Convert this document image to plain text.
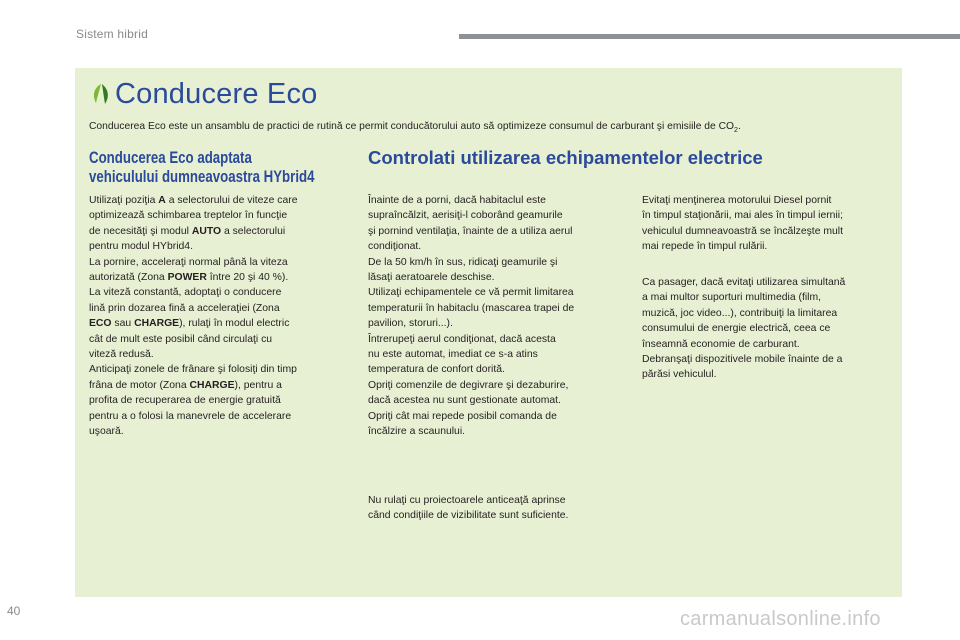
Sistem hibrid
Conducere Eco
Conducerea Eco este un ansamblu de practici de rutină ce permit conducătorului auto să optimizeze consumul de carburant şi emisiile de $CO_2$.
Conducerea Eco adaptata
vehiculului dumneavoastra HYbrid4
Controlati utilizarea echipamentelor electrice
Utilizaţi poziţia A a selectorului de viteze care
optimizează schimbarea treptelor în funcţie
de necesităţi şi modul AUTO a selectorului
pentru modul HYbrid4.
La pornire, acceleraţi normal până la viteza
autorizată (Zona POWER între 20 şi 40 %).
La viteză constantă, adoptaţi o conducere
lină prin dozarea fină a acceleraţiei (Zona
ECO sau CHARGE), rulaţi în modul electric
cât de mult este posibil când circulaţi cu
viteză redusă.
Anticipaţi zonele de frânare şi folosiţi din timp
frâna de motor (Zona CHARGE), pentru a
profita de recuperarea de energie gratuită
pentru a o folosi la manevrele de accelerare
uşoară.
Înainte de a porni, dacă habitaclul este
supraîncălzit, aerisiţi-l coborând geamurile
şi pornind ventilaţia, înainte de a utiliza aerul
condiţionat.
De la 50 km/h în sus, ridicaţi geamurile şi
lăsaţi aeratoarele deschise.
Utilizaţi echipamentele ce vă permit limitarea
temperaturii în habitaclu (mascarea trapei de
pavilion, storuri...).
Întrerupeţi aerul condiţionat, dacă acesta
nu este automat, imediat ce s-a atins
temperatura de confort dorită.
Opriţi comenzile de degivrare şi dezaburire,
dacă acestea nu sunt gestionate automat.
Opriţi cât mai repede posibil comanda de
încălzire a scaunului.
Nu rulaţi cu proiectoarele anticeaţă aprinse
când condiţiile de vizibilitate sunt suficiente.
Evitaţi menţinerea motorului Diesel pornit
în timpul staţionării, mai ales în timpul iernii;
vehiculul dumneavoastră se încălzeşte mult
mai repede în timpul rulării.
Ca pasager, dacă evitaţi utilizarea simultană
a mai multor suporturi multimedia (film,
muzică, joc video...), contribuiţi la limitarea
consumului de energie electrică, ceea ce
înseamnă economie de carburant.
Debranşaţi dispozitivele mobile înainte de a
părăsi vehiculul.
40	carmanualsonline.info
